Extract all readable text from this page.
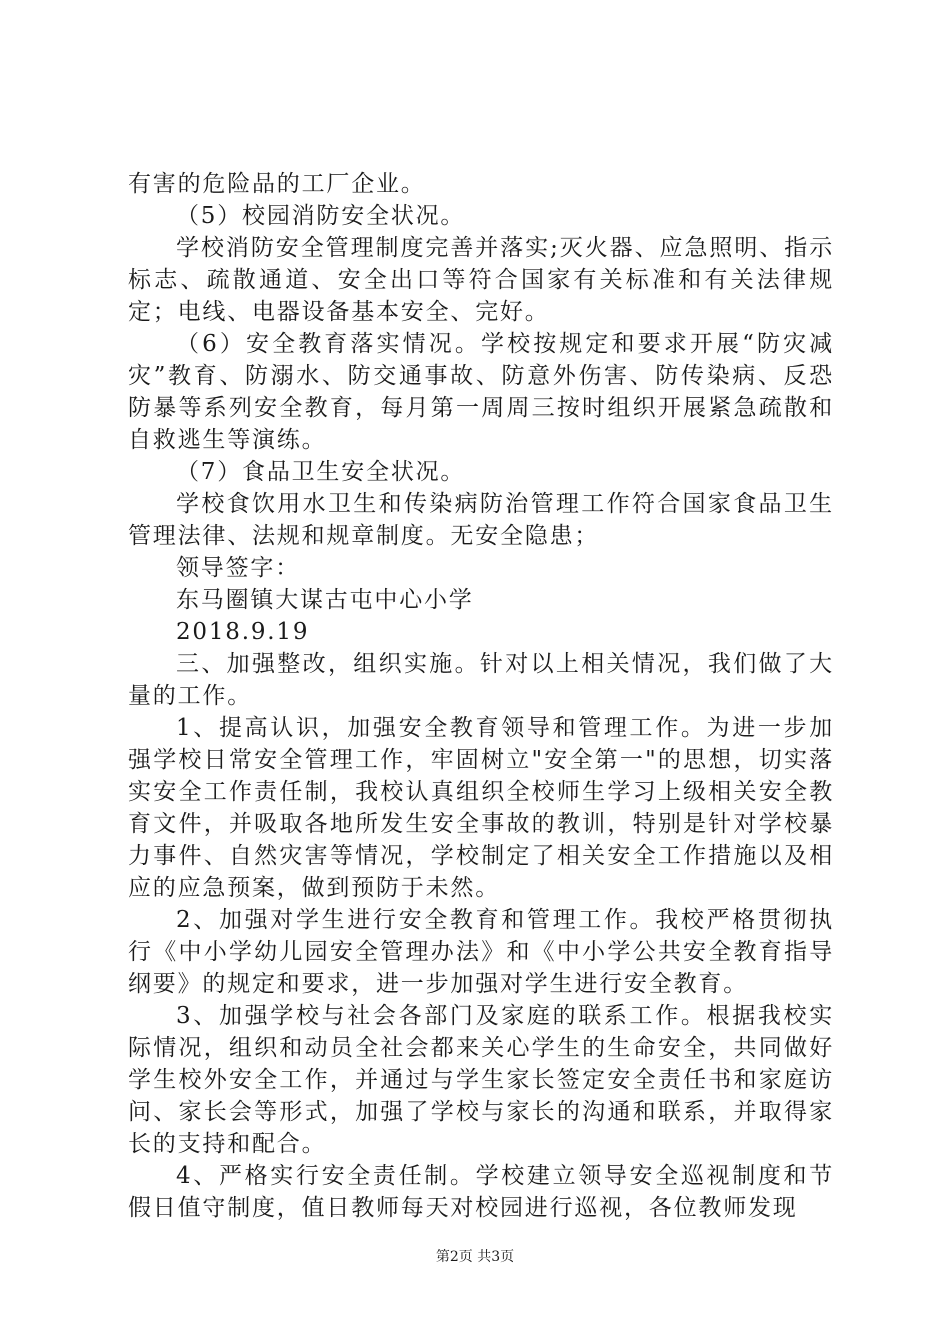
有害的危险品的工厂企业。

（5）校园消防安全状况。

学校消防安全管理制度完善并落实;灭火器、应急照明、指示标志、疏散通道、安全出口等符合国家有关标准和有关法律规定；电线、电器设备基本安全、完好。

（6）安全教育落实情况。学校按规定和要求开展“防灾减灾”教育、防溺水、防交通事故、防意外伤害、防传染病、反恐防暴等系列安全教育，每月第一周周三按时组织开展紧急疏散和自救逃生等演练。

（7）食品卫生安全状况。

学校食饮用水卫生和传染病防治管理工作符合国家食品卫生管理法律、法规和规章制度。无安全隐患；

领导签字：

东马圈镇大谋古屯中心小学

2018.9.19

三、加强整改，组织实施。针对以上相关情况，我们做了大量的工作。

1、提高认识，加强安全教育领导和管理工作。为进一步加强学校日常安全管理工作，牢固树立"安全第一"的思想，切实落实安全工作责任制，我校认真组织全校师生学习上级相关安全教育文件，并吸取各地所发生安全事故的教训，特别是针对学校暴力事件、自然灾害等情况，学校制定了相关安全工作措施以及相应的应急预案，做到预防于未然。

2、加强对学生进行安全教育和管理工作。我校严格贯彻执行《中小学幼儿园安全管理办法》和《中小学公共安全教育指导纲要》的规定和要求，进一步加强对学生进行安全教育。

3、加强学校与社会各部门及家庭的联系工作。根据我校实际情况，组织和动员全社会都来关心学生的生命安全，共同做好学生校外安全工作，并通过与学生家长签定安全责任书和家庭访问、家长会等形式，加强了学校与家长的沟通和联系，并取得家长的支持和配合。

4、严格实行安全责任制。学校建立领导安全巡视制度和节假日值守制度，值日教师每天对校园进行巡视，各位教师发现

第2页 共3页
